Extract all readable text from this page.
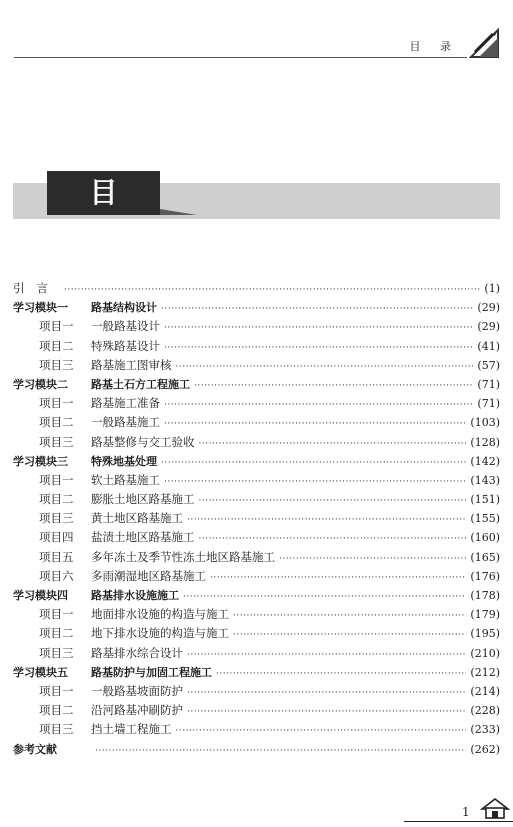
目 录
目 录
引言 ·····	(1)
学习模块一	路基结构设计 ·····	(29)
项目一	一般路基设计 ·····	(29)
项目二	特殊路基设计 ·····	(41)
项目三	路基施工图审核 ·····	(57)
学习模块二	路基土石方工程施工 ·····	(71)
项目一	路基施工准备 ·····	(71)
项目二	一般路基施工 ·····	(103)
项目三	路基整修与交工验收 ·····	(128)
学习模块三	特殊地基处理 ·····	(142)
项目一	软土路基施工 ·····	(143)
项目二	膨胀土地区路基施工 ·····	(151)
项目三	黄土地区路基施工 ·····	(155)
项目四	盐渍土地区路基施工 ·····	(160)
项目五	多年冻土及季节性冻土地区路基施工 ·····	(165)
项目六	多雨潮湿地区路基施工 ·····	(176)
学习模块四	路基排水设施施工 ·····	(178)
项目一	地面排水设施的构造与施工 ·····	(179)
项目二	地下排水设施的构造与施工 ·····	(195)
项目三	路基排水综合设计 ·····	(210)
学习模块五	路基防护与加固工程施工 ·····	(212)
项目一	一般路基坡面防护 ·····	(214)
项目二	沿河路基冲刷防护 ·····	(228)
项目三	挡土墙工程施工 ·····	(233)
参考文献 ·····	(262)
1
